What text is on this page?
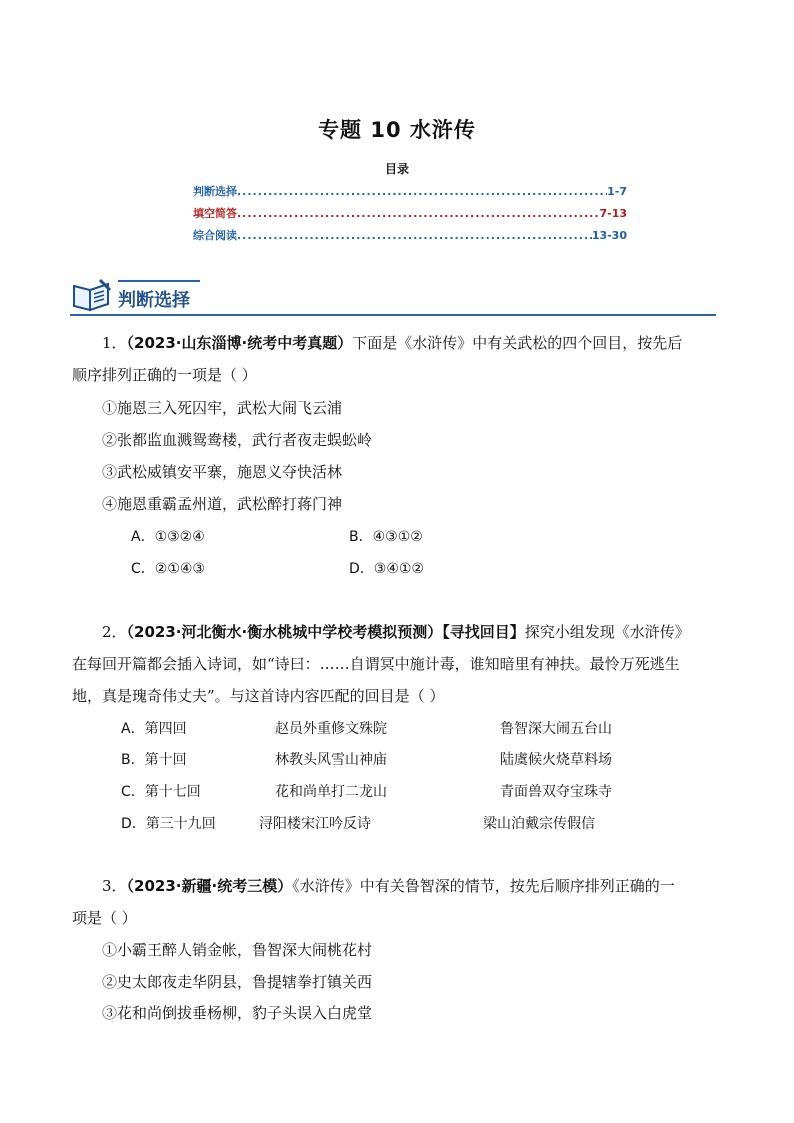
专题 10 水浒传
目录
判断选择 .....	1-7
填空简答 .....	7-13
综合阅读 .....	13-30
判断选择
1．（2023·山东淄博·统考中考真题）下面是《水浒传》中有关武松的四个回目，按先后
顺序排列正确的一项是（ ）
①施恩三入死囚牢，武松大闹飞云浦
②张都监血溅鸳鸯楼，武行者夜走蜈蚣岭
③武松威镇安平寨，施恩义夺快活林
④施恩重霸孟州道，武松醉打蒋门神
A．①③②④	B．④③①②
C．②①④③	D．③④①②
2．（2023·河北衡水·衡水桃城中学校考模拟预测）【寻找回目】探究小组发现《水浒传》
在每回开篇都会插入诗词，如“诗曰：……自谓冥中施计毒，谁知暗里有神扶。最怜万死逃生
地，真是瑰奇伟丈夫”。与这首诗内容匹配的回目是（ ）
A．第四回	赵员外重修文殊院	鲁智深大闹五台山
B．第十回	林教头风雪山神庙	陆虞候火烧草料场
C．第十七回	花和尚单打二龙山	青面兽双夺宝珠寺
D．第三十九回	浔阳楼宋江吟反诗	梁山泊戴宗传假信
3．（2023·新疆·统考三模）《水浒传》中有关鲁智深的情节，按先后顺序排列正确的一
项是（ ）
①小霸王醉人销金帐，鲁智深大闹桃花村
②史太郎夜走华阴县，鲁提辖拳打镇关西
③花和尚倒拔垂杨柳，豹子头误入白虎堂
